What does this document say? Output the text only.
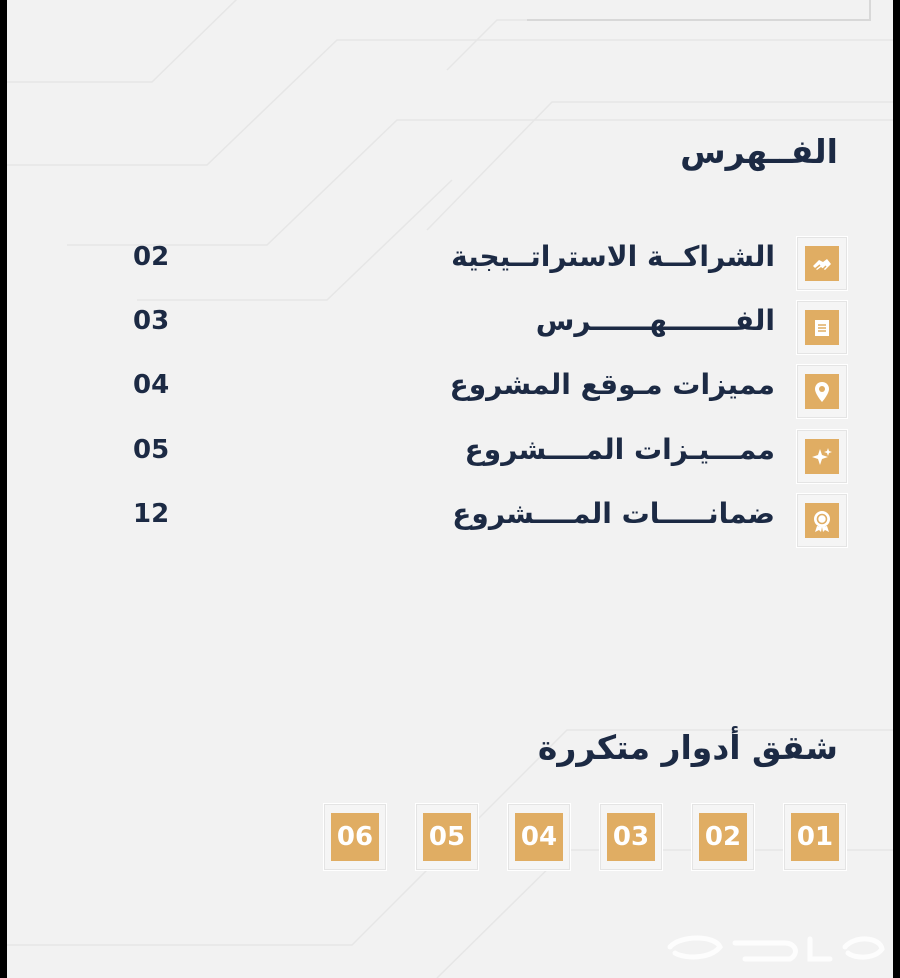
الفــهرس
الشراكــة الاستراتــيجية
02
الفـــــــهــــــرس
03
مميزات مـوقع المشروع
04
ممـــيـزات المــــشروع
05
ضمانـــــات المــــشروع
12
شقق أدوار متكررة
01
02
03
04
05
06
